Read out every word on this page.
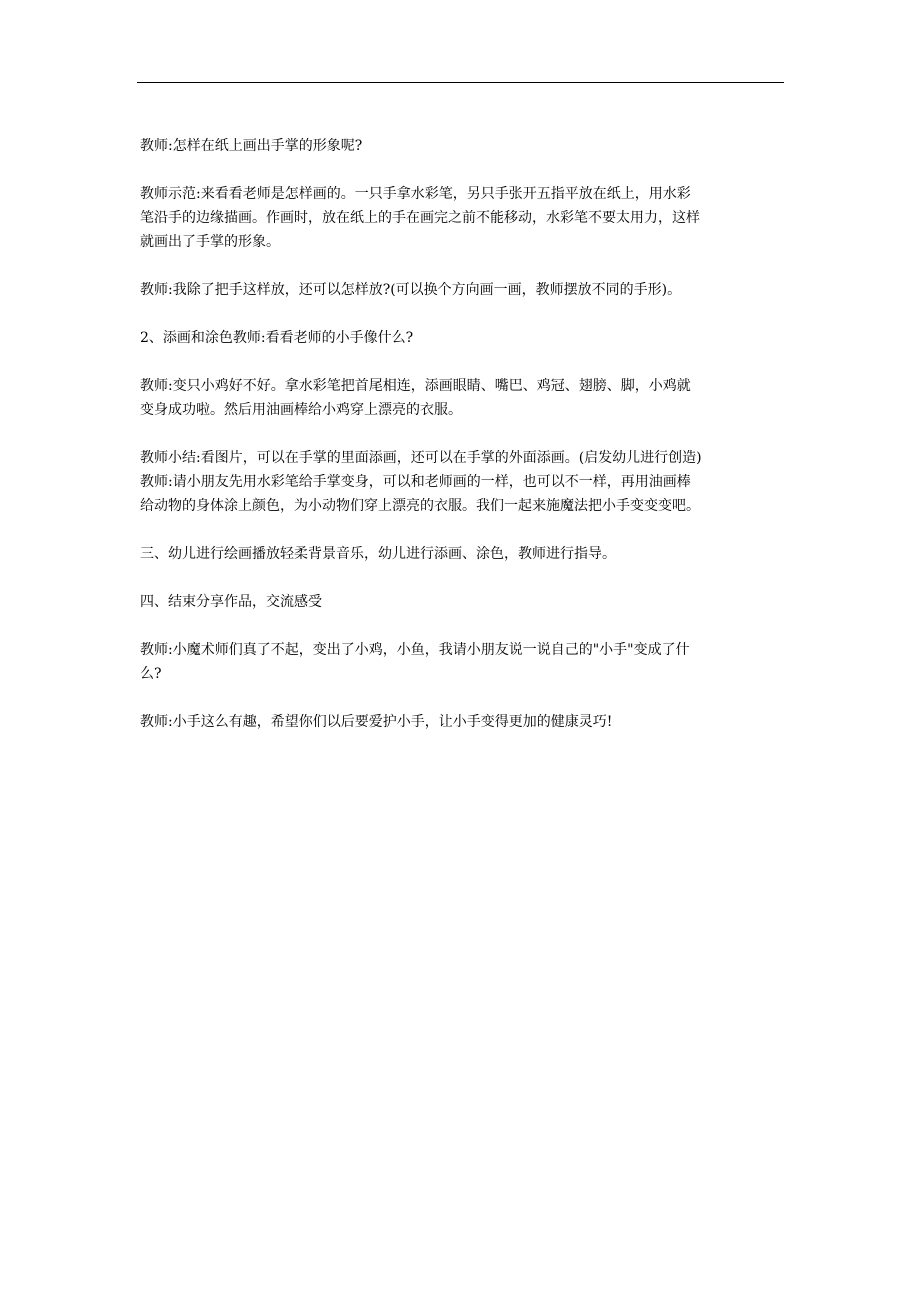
教师:怎样在纸上画出手掌的形象呢?

教师示范:来看看老师是怎样画的。一只手拿水彩笔，另只手张开五指平放在纸上，用水彩
笔沿手的边缘描画。作画时，放在纸上的手在画完之前不能移动，水彩笔不要太用力，这样
就画出了手掌的形象。

教师:我除了把手这样放，还可以怎样放?(可以换个方向画一画，教师摆放不同的手形)。

2、添画和涂色教师:看看老师的小手像什么?

教师:变只小鸡好不好。拿水彩笔把首尾相连，添画眼睛、嘴巴、鸡冠、翅膀、脚，小鸡就
变身成功啦。然后用油画棒给小鸡穿上漂亮的衣服。

教师小结:看图片，可以在手掌的里面添画，还可以在手掌的外面添画。(启发幼儿进行创造)
教师:请小朋友先用水彩笔给手掌变身，可以和老师画的一样，也可以不一样，再用油画棒
给动物的身体涂上颜色，为小动物们穿上漂亮的衣服。我们一起来施魔法把小手变变变吧。

三、幼儿进行绘画播放轻柔背景音乐，幼儿进行添画、涂色，教师进行指导。

四、结束分享作品，交流感受

教师:小魔术师们真了不起，变出了小鸡，小鱼，我请小朋友说一说自己的"小手"变成了什
么?

教师:小手这么有趣，希望你们以后要爱护小手，让小手变得更加的健康灵巧!
